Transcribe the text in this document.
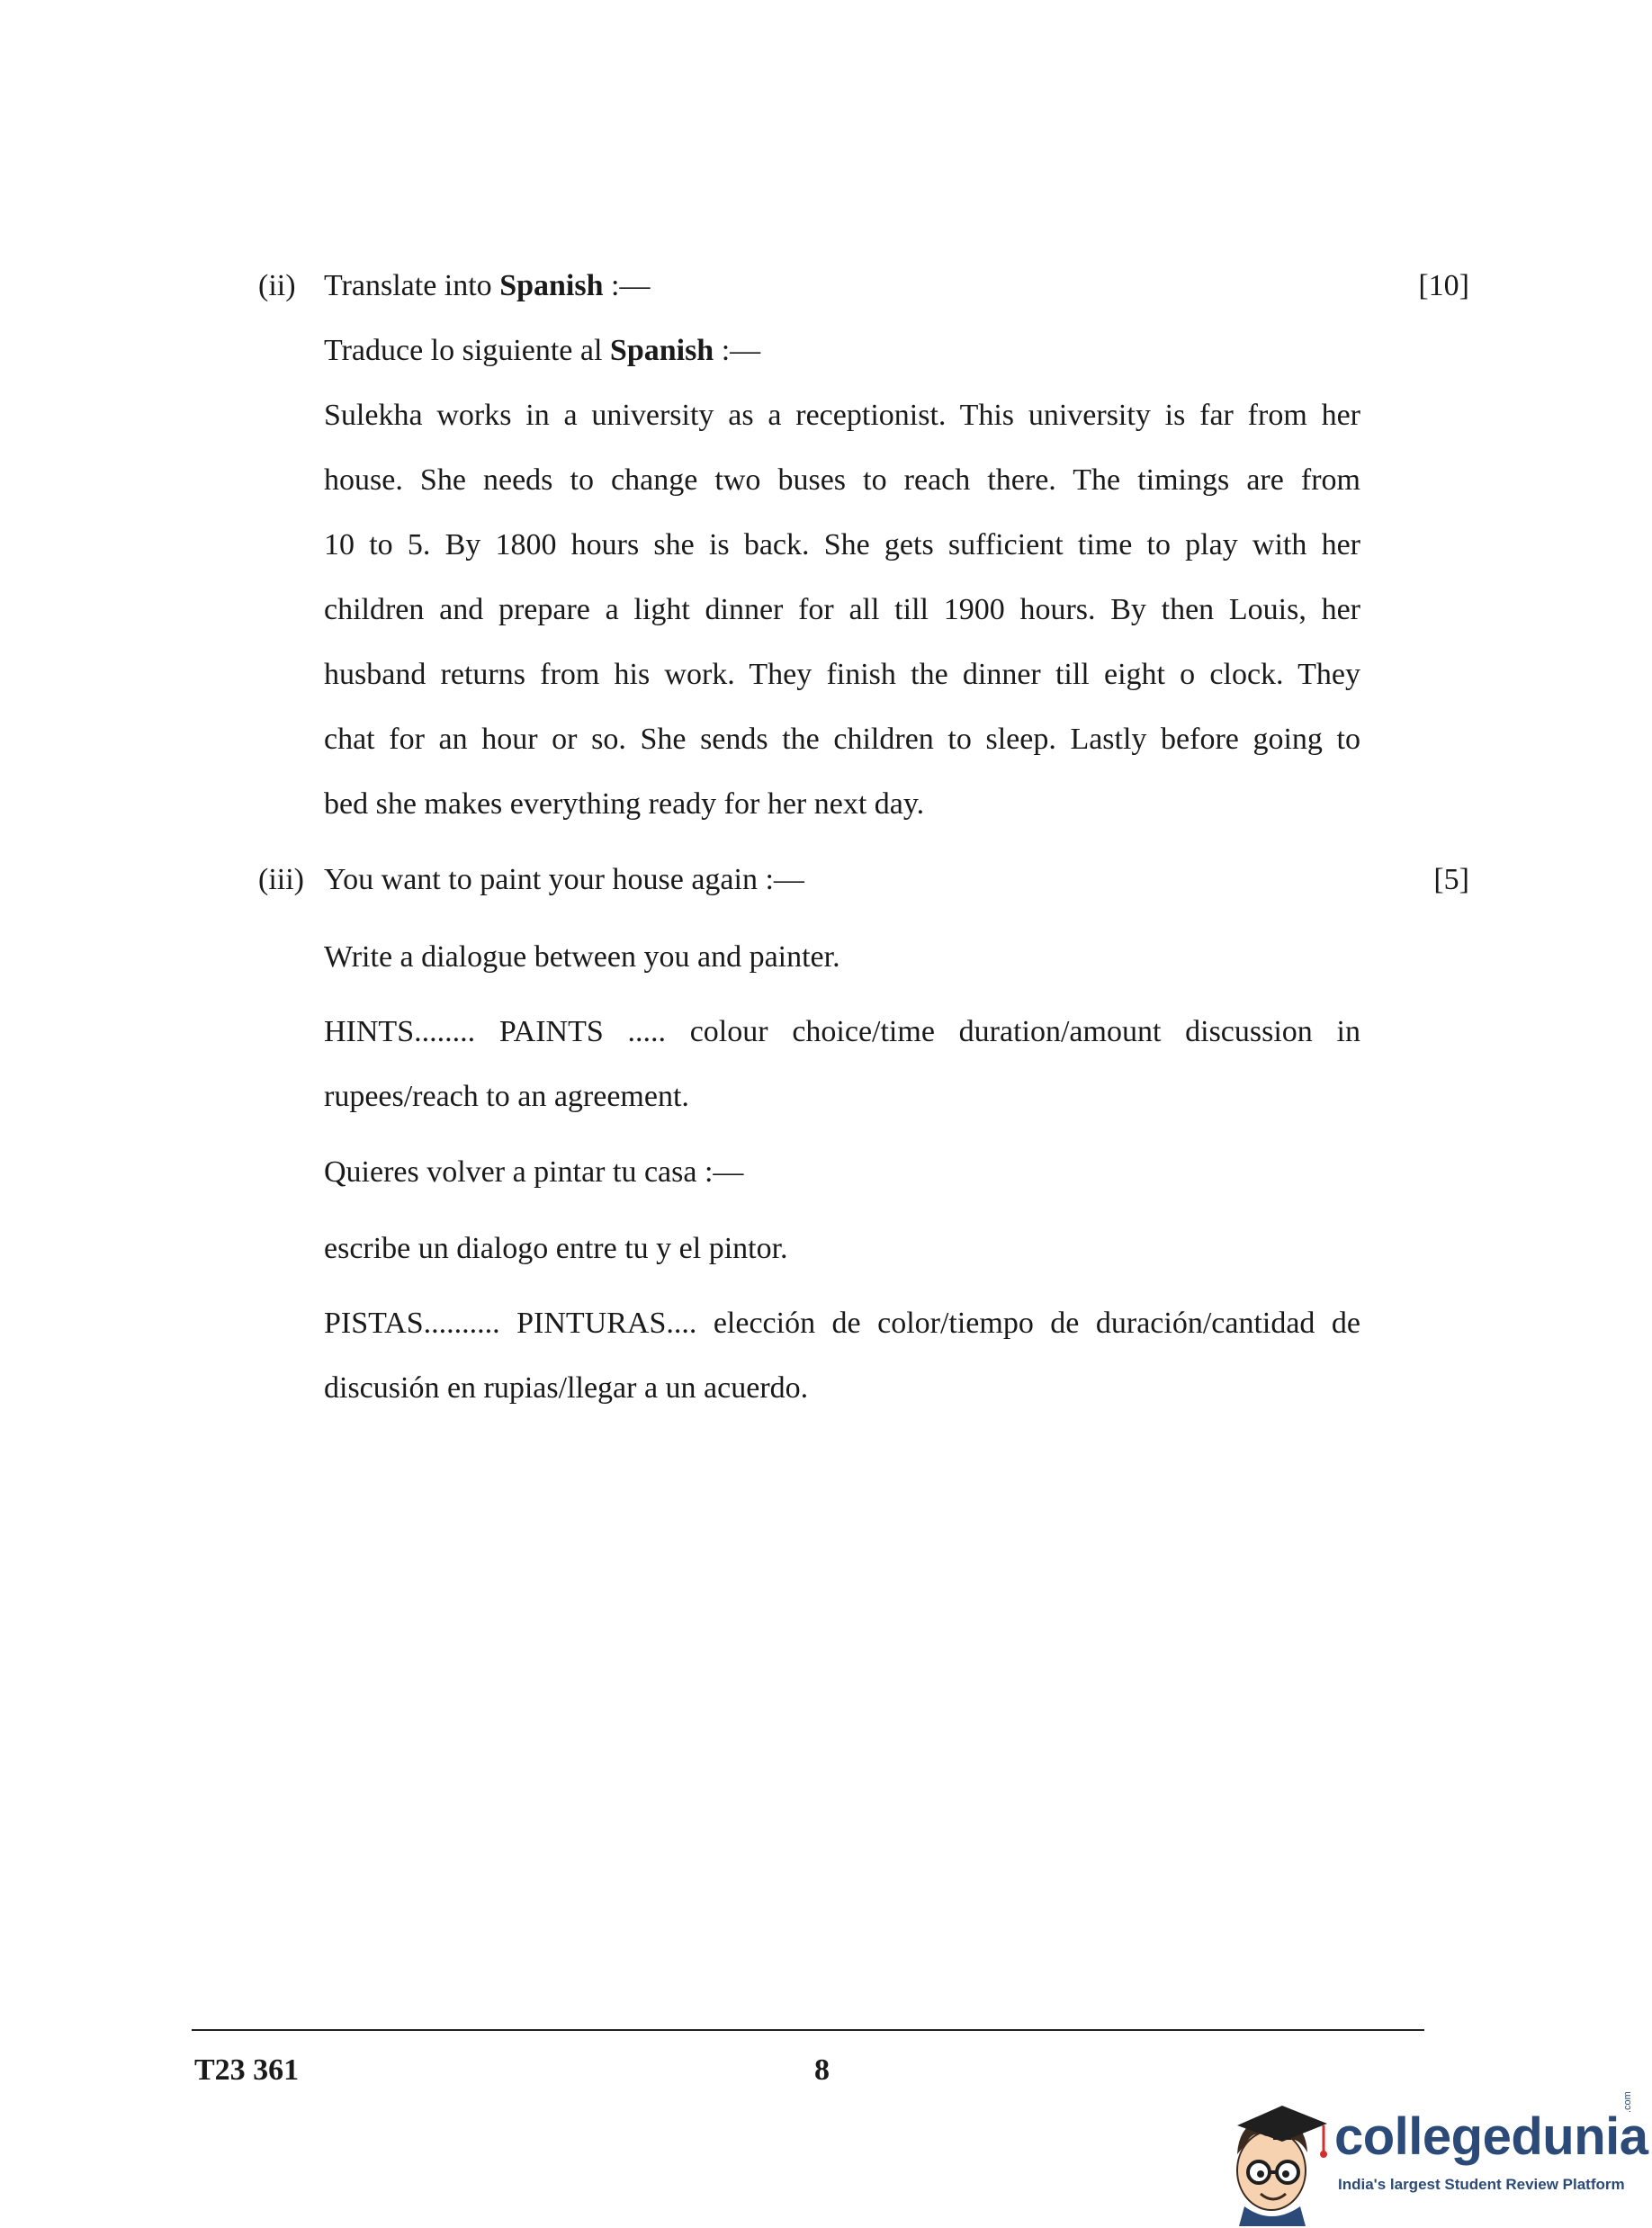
(ii) Translate into Spanish :—	[10]
Traduce lo siguiente al Spanish :—
Sulekha works in a university as a receptionist. This university is far from her
house. She needs to change two buses to reach there. The timings are from
10 to 5. By 1800 hours she is back. She gets sufficient time to play with her
children and prepare a light dinner for all till 1900 hours. By then Louis, her
husband returns from his work. They finish the dinner till eight o clock. They
chat for an hour or so. She sends the children to sleep. Lastly before going to
bed she makes everything ready for her next day.
(iii) You want to paint your house again :—	[5]
Write a dialogue between you and painter.
HINTS........ PAINTS ..... colour choice/time duration/amount discussion in
rupees/reach to an agreement.
Quieres volver a pintar tu casa :—
escribe un dialogo entre tu y el pintor.
PISTAS.......... PINTURAS.... elección de color/tiempo de duración/cantidad de
discusión en rupias/llegar a un acuerdo.
T23 361	8
collegedunia
.com
India's largest Student Review Platform
